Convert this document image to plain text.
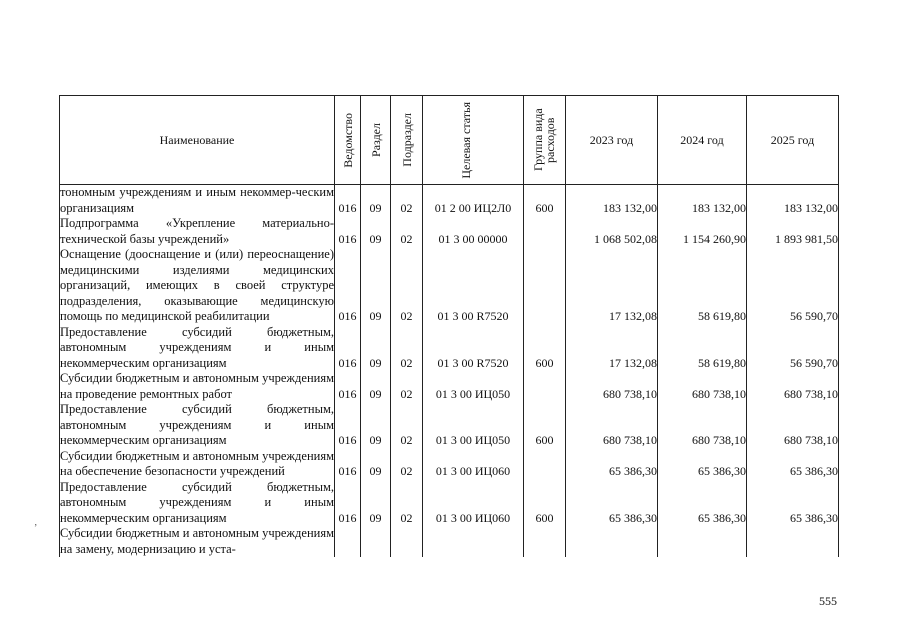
Наименование	Ведомство	Раздел	Подраздел	Целевая статья	Группа вида расходов	2023 год	2024 год	2025 год
тономным учреждениям и иным некоммер-ческим организациям	016	09	02	01 2 00 ИЦ2Л0	600	183 132,00	183 132,00	183 132,00
Подпрограмма «Укрепление материально-технической базы учреждений»	016	09	02	01 3 00 00000		1 068 502,08	1 154 260,90	1 893 981,50
Оснащение (дооснащение и (или) переоснащение) медицинскими изделиями медицинских организаций, имеющих в своей структуре подразделения, оказывающие медицинскую помощь по медицинской реабилитации	016	09	02	01 3 00 R7520		17 132,08	58 619,80	56 590,70
Предоставление субсидий бюджетным, автономным учреждениям и иным некоммерческим организациям	016	09	02	01 3 00 R7520	600	17 132,08	58 619,80	56 590,70
Субсидии бюджетным и автономным учреждениям на проведение ремонтных работ	016	09	02	01 3 00 ИЦ050		680 738,10	680 738,10	680 738,10
Предоставление субсидий бюджетным, автономным учреждениям и иным некоммерческим организациям	016	09	02	01 3 00 ИЦ050	600	680 738,10	680 738,10	680 738,10
Субсидии бюджетным и автономным учреждениям на обеспечение безопасности учреждений	016	09	02	01 3 00 ИЦ060		65 386,30	65 386,30	65 386,30
Предоставление субсидий бюджетным, автономным учреждениям и иным некоммерческим организациям	016	09	02	01 3 00 ИЦ060	600	65 386,30	65 386,30	65 386,30
Субсидии бюджетным и автономным учреждениям на замену, модернизацию и уста-								
’
555
